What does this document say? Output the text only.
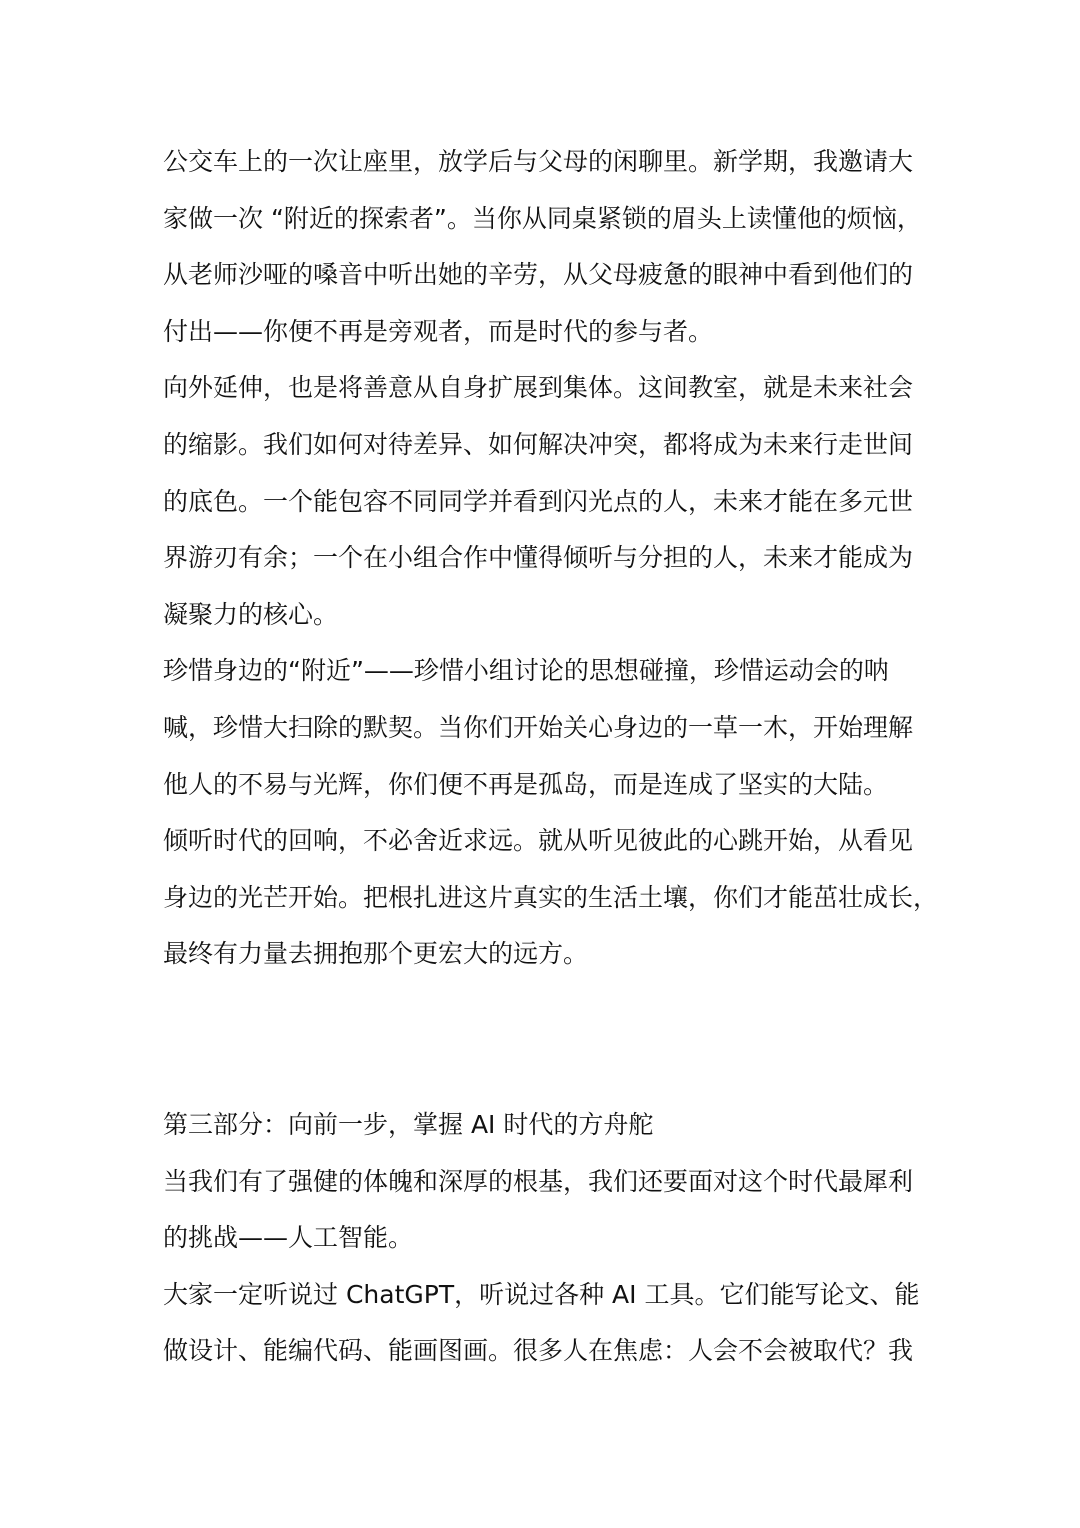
公交车上的一次让座里，放学后与父母的闲聊里。新学期，我邀请大
家做一次 “附近的探索者”。当你从同桌紧锁的眉头上读懂他的烦恼，
从老师沙哑的嗓音中听出她的辛劳，从父母疲惫的眼神中看到他们的
付出——你便不再是旁观者，而是时代的参与者。
向外延伸，也是将善意从自身扩展到集体。这间教室，就是未来社会
的缩影。我们如何对待差异、如何解决冲突，都将成为未来行走世间
的底色。一个能包容不同同学并看到闪光点的人，未来才能在多元世
界游刃有余；一个在小组合作中懂得倾听与分担的人，未来才能成为
凝聚力的核心。
珍惜身边的“附近”——珍惜小组讨论的思想碰撞，珍惜运动会的呐
喊，珍惜大扫除的默契。当你们开始关心身边的一草一木，开始理解
他人的不易与光辉，你们便不再是孤岛，而是连成了坚实的大陆。
倾听时代的回响，不必舍近求远。就从听见彼此的心跳开始，从看见
身边的光芒开始。把根扎进这片真实的生活土壤，你们才能茁壮成长，
最终有力量去拥抱那个更宏大的远方。
第三部分：向前一步，掌握 AI 时代的方舟舵
当我们有了强健的体魄和深厚的根基，我们还要面对这个时代最犀利
的挑战——人工智能。
大家一定听说过 ChatGPT，听说过各种 AI 工具。它们能写论文、能
做设计、能编代码、能画图画。很多人在焦虑：人会不会被取代？我
